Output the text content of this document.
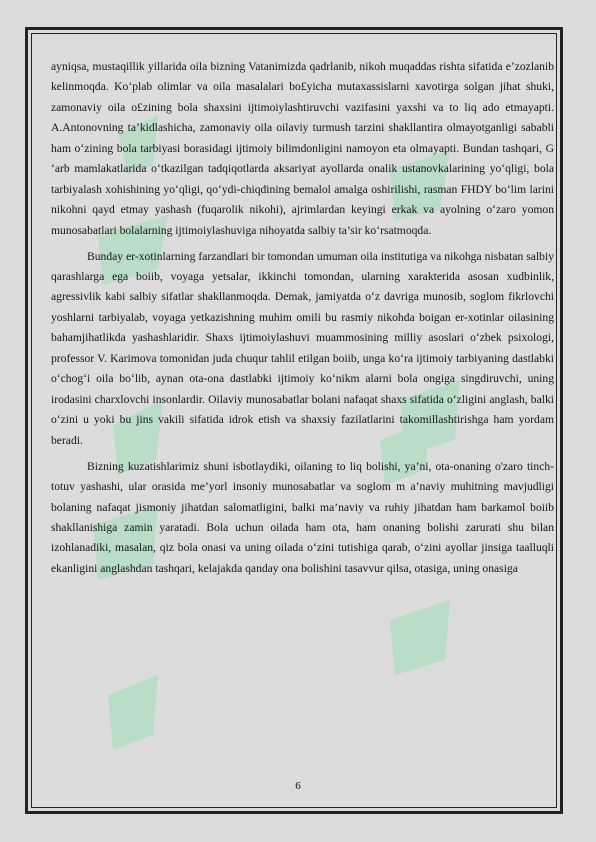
ayniqsa, mustaqillik yillarida oila bizning Vatanimizda qadrlanib, nikoh muqaddas rishta sifatida e’zozlanib kelinmoqda. Ko‘plab olimlar va oila masalalari bo£yicha mutaxassislarni xavotirga solgan jihat shuki, zamonaviy oila o£zining bola shaxsini ijtimoiylashtiruvchi vazifasini yaxshi va to liq ado etmayapti. A.Antonovning ta’kidlashicha, zamonaviy oila oilaviy turmush tarzini shakllantira olmayotganligi sababli ham o‘zining bola tarbiyasi borasidagi ijtimoiy bilimdonligini namoyon eta olmayapti. Bundan tashqari, G ‘arb mamlakatlarida o‘tkazilgan tadqiqotlarda aksariyat ayollarda onalik ustanovkalarining yo‘qligi, bola tarbiyalash xohishining yo‘qligi, qo‘ydi-chiqdining bemalol amalga oshirilishi, rasman FHDY bo‘lim larini nikohni qayd etmay yashash (fuqarolik nikohi), ajrimlardan keyingi erkak va ayolning o‘zaro yomon munosabatlari bolalarning ijtimoiylashuviga nihoyatda salbiy ta’sir ko‘rsatmoqda.

Bunday er-xotinlarning farzandlari bir tomondan umuman oila institutiga va nikohga nisbatan salbiy qarashlarga ega boiib, voyaga yetsalar, ikkinchi tomondan, ularning xarakterida asosan xudbinlik, agressivlik kabi salbiy sifatlar shakllanmoqda. Demak, jamiyatda o‘z davriga munosib, soglom fikrlovchi yoshlarni tarbiyalab, voyaga yetkazishning muhim omili bu rasmiy nikohda boigan er-xotinlar oilasining bahamjihatlikda yashashlaridir. Shaxs ijtimoiylashuvi muammosining milliy asoslari o‘zbek psixologi, professor V. Karimova tomonidan juda chuqur tahlil etilgan boiib, unga ko‘ra ijtimoiy tarbiyaning dastlabki o‘chog‘i oila bo‘lib, aynan ota-ona dastlabki ijtimoiy ko‘nikm alarni bola ongiga singdiruvchi, uning irodasini charxlovchi insonlardir. Oilaviy munosabatlar bolani nafaqat shaxs sifatida o‘zligini anglash, balki o‘zini u yoki bu jins vakili sifatida idrok etish va shaxsiy fazilatlarini takomillashtirishga ham yordam beradi.

Bizning kuzatishlarimiz shuni isbotlaydiki, oilaning to liq bolishi, ya’ni, ota-onaning o'zaro tinch-totuv yashashi, ular orasida me’yorl insoniy munosabatlar va soglom m a’naviy muhitning mavjudligi bolaning nafaqat jismoniy jihatdan salomatligini, balki ma’naviy va ruhiy jihatdan ham barkamol boiib shakllanishiga zamin yaratadi. Bola uchun oilada ham ota, ham onaning bolishi zarurati shu bilan izohlanadiki, masalan, qiz bola onasi va uning oilada o‘zini tutishiga qarab, o‘zini ayollar jinsiga taalluqli ekanligini anglashdan tashqari, kelajakda qanday ona bolishini tasavvur qilsa, otasiga, uning onasiga

6
